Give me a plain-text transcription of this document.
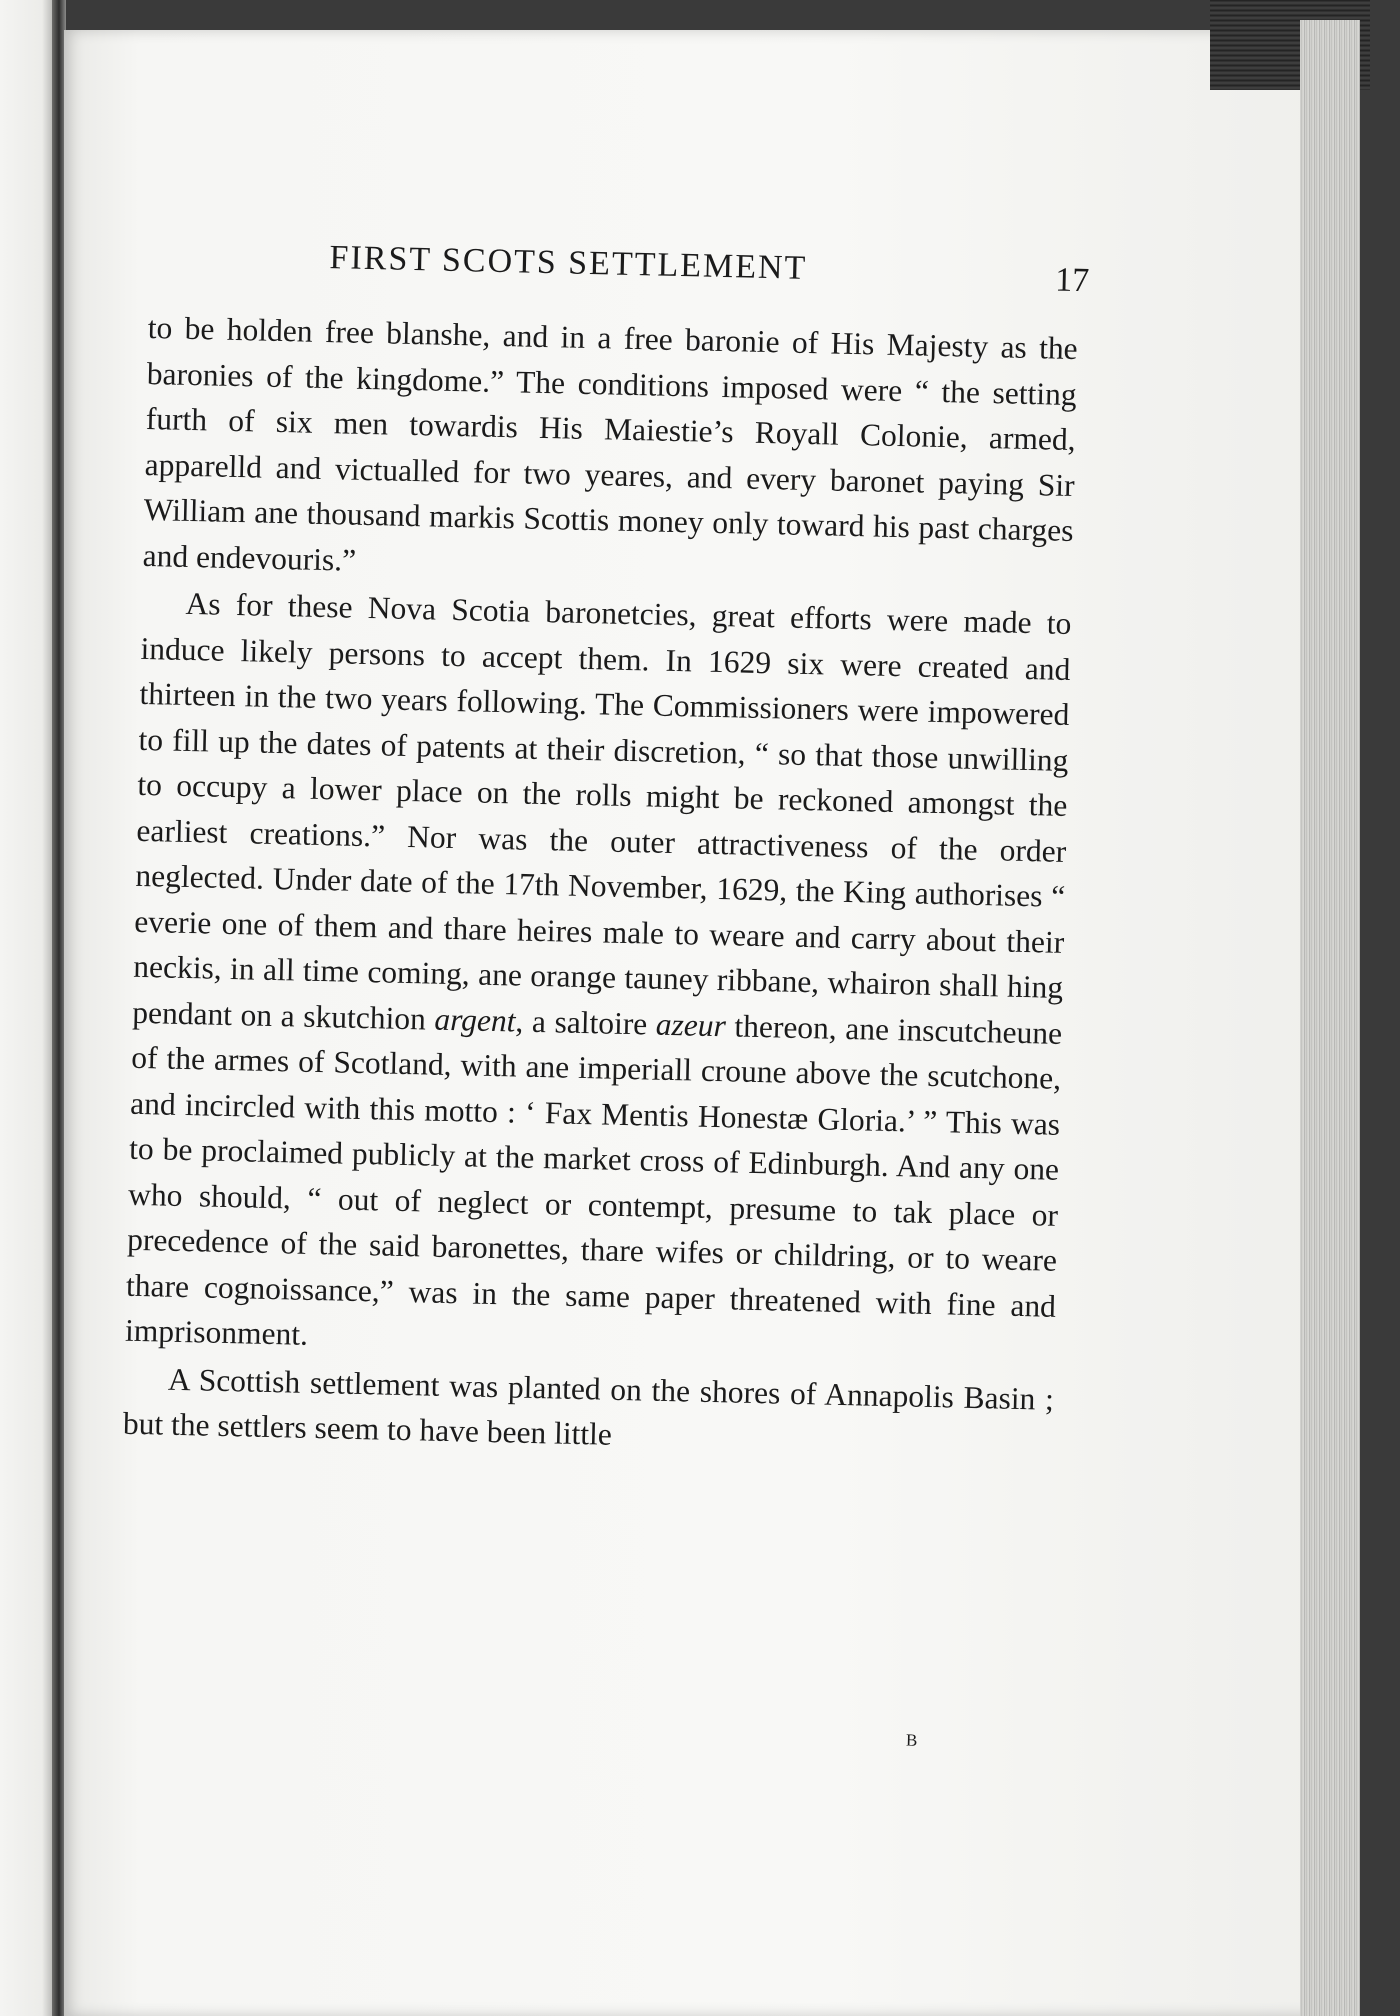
FIRST SCOTS SETTLEMENT	17

to be holden free blanshe, and in a free baronie of His Majesty as the baronies of the kingdome.” The conditions imposed were “ the setting furth of six men towardis His Maiestie’s Royall Colonie, armed, apparelld and victualled for two yeares, and every baronet paying Sir William ane thousand markis Scottis money only toward his past charges and endevouris.”

As for these Nova Scotia baronetcies, great efforts were made to induce likely persons to accept them. In 1629 six were created and thirteen in the two years following. The Commissioners were impowered to fill up the dates of patents at their discretion, “ so that those unwilling to occupy a lower place on the rolls might be reckoned amongst the earliest creations.” Nor was the outer attractiveness of the order neglected. Under date of the 17th November, 1629, the King authorises “ everie one of them and thare heires male to weare and carry about their neckis, in all time coming, ane orange tauney ribbane, whairon shall hing pendant on a skutchion argent, a saltoire azeur thereon, ane inscutcheune of the armes of Scotland, with ane imperiall croune above the scutchone, and incircled with this motto : ‘ Fax Mentis Honestæ Gloria.’ ” This was to be proclaimed publicly at the market cross of Edinburgh. And any one who should, “ out of neglect or contempt, presume to tak place or precedence of the said baronettes, thare wifes or childring, or to weare thare cognoissance,” was in the same paper threatened with fine and imprisonment.

A Scottish settlement was planted on the shores of Annapolis Basin ; but the settlers seem to have been little

B
